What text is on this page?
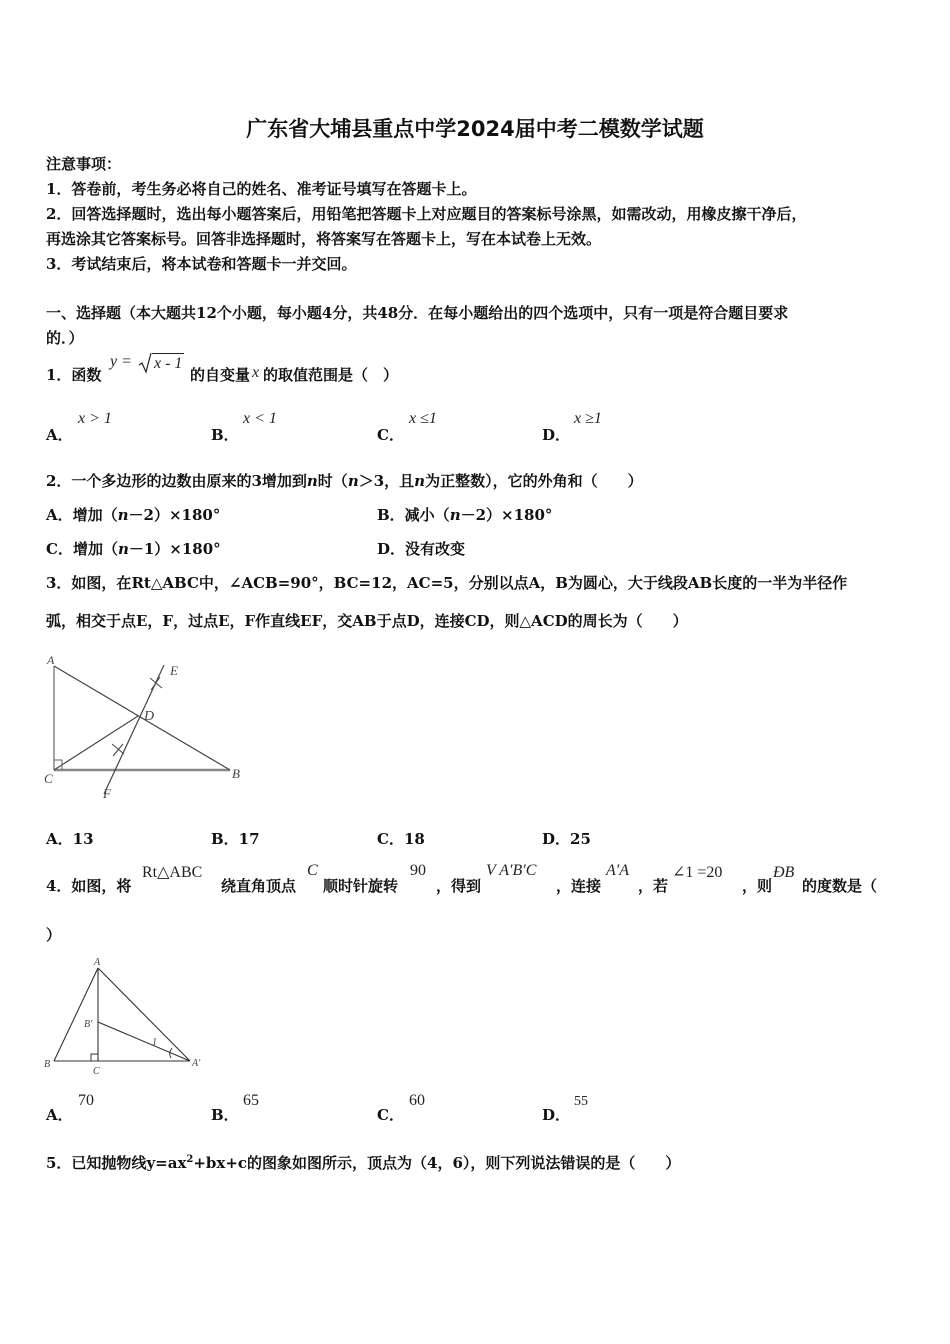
广东省大埔县重点中学2024届中考二模数学试题
注意事项：
1．答卷前，考生务必将自己的姓名、准考证号填写在答题卡上。
2．回答选择题时，选出每小题答案后，用铅笔把答题卡上对应题目的答案标号涂黑，如需改动，用橡皮擦干净后，
再选涂其它答案标号。回答非选择题时，将答案写在答题卡上，写在本试卷上无效。
3．考试结束后，将本试卷和答题卡一并交回。
一、选择题（本大题共12个小题，每小题4分，共48分．在每小题给出的四个选项中，只有一项是符合题目要求
的．）
1．函数
y = x - 1
的自变量 x 的取值范围是（　）
A．
x > 1
B．
x < 1
C．
x ≤1
D．
x ≥1
2．一个多边形的边数由原来的3增加到n时（n＞3，且n为正整数），它的外角和（　　）
A．增加（n－2）×180°	B．减小（n－2）×180°
C．增加（n－1）×180°	D．没有改变
3．如图，在Rt△ABC中，∠ACB=90°，BC=12，AC=5，分别以点A，B为圆心，大于线段AB长度的一半为半径作
弧，相交于点E，F，过点E，F作直线EF，交AB于点D，连接CD，则△ACD的周长为（　　）
A
C	B
D
E
F
A．13	B．17	C．18	D．25
4．如图，将
Rt△ABC
绕直角顶点
C
顺时针旋转
90
，得到
V A′B′C
，连接
A′A
，若
∠1 =20
，则
ÐB
的度数是（
）
A
B
B′
C
A′
1
A．
70
B．
65
C．
60
D．
55
5．已知抛物线$y=ax^2+bx+c$的图象如图所示，顶点为（4，6），则下列说法错误的是（　　）
